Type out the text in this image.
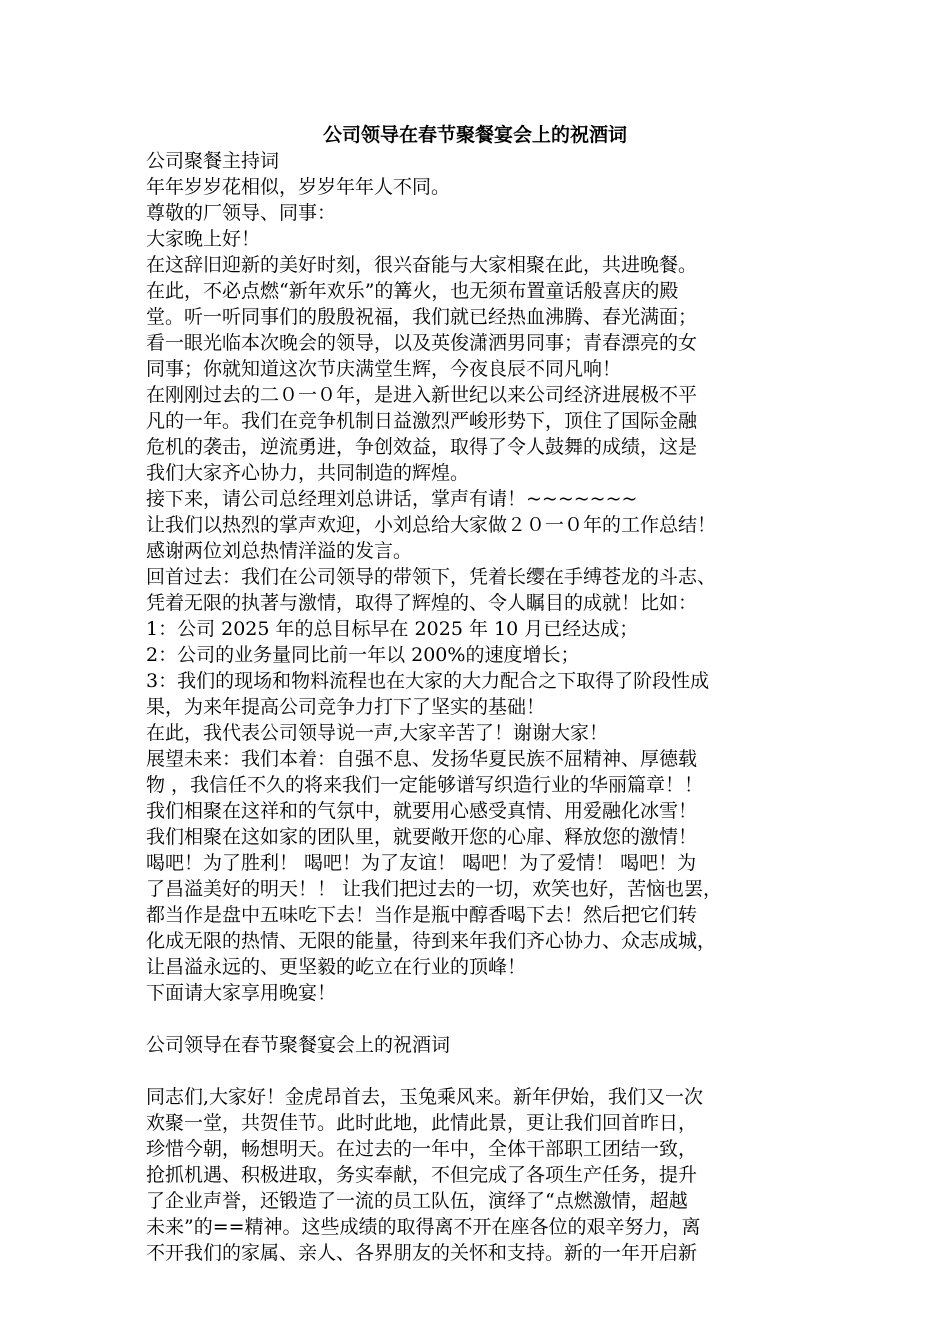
公司领导在春节聚餐宴会上的祝酒词
公司聚餐主持词
年年岁岁花相似，岁岁年年人不同。
尊敬的厂领导、同事：
大家晚上好！
在这辞旧迎新的美好时刻，很兴奋能与大家相聚在此，共进晚餐。
在此，不必点燃“新年欢乐”的篝火，也无须布置童话般喜庆的殿
堂。听一听同事们的殷殷祝福，我们就已经热血沸腾、春光满面；
看一眼光临本次晚会的领导，以及英俊潇洒男同事；青春漂亮的女
同事；你就知道这次节庆满堂生辉，今夜良辰不同凡响！
在刚刚过去的二０一０年，是进入新世纪以来公司经济进展极不平
凡的一年。我们在竞争机制日益激烈严峻形势下，顶住了国际金融
危机的袭击，逆流勇进，争创效益，取得了令人鼓舞的成绩，这是
我们大家齐心协力，共同制造的辉煌。
接下来，请公司总经理刘总讲话，掌声有请！~~~~~~~
让我们以热烈的掌声欢迎，小刘总给大家做２０一０年的工作总结！
感谢两位刘总热情洋溢的发言。
回首过去：我们在公司领导的带领下，凭着长缨在手缚苍龙的斗志、
凭着无限的执著与激情，取得了辉煌的、令人瞩目的成就！比如：
1：公司 2025 年的总目标早在 2025 年 10 月已经达成；
2：公司的业务量同比前一年以 200%的速度增长；
3：我们的现场和物料流程也在大家的大力配合之下取得了阶段性成
果，为来年提高公司竞争力打下了坚实的基础！
在此，我代表公司领导说一声,大家辛苦了！谢谢大家！
展望未来：我们本着：自强不息、发扬华夏民族不屈精神、厚德载
物 ，我信任不久的将来我们一定能够谱写织造行业的华丽篇章！！
我们相聚在这祥和的气氛中，就要用心感受真情、用爱融化冰雪！
我们相聚在这如家的团队里，就要敞开您的心扉、释放您的激情！
喝吧！为了胜利！ 喝吧！为了友谊！ 喝吧！为了爱情！ 喝吧！为
了昌溢美好的明天！！ 让我们把过去的一切，欢笑也好，苦恼也罢，
都当作是盘中五味吃下去！当作是瓶中醇香喝下去！然后把它们转
化成无限的热情、无限的能量，待到来年我们齐心协力、众志成城，
让昌溢永远的、更坚毅的屹立在行业的顶峰！
下面请大家享用晚宴！
公司领导在春节聚餐宴会上的祝酒词
同志们,大家好！金虎昂首去，玉兔乘风来。新年伊始，我们又一次
欢聚一堂，共贺佳节。此时此地，此情此景，更让我们回首昨日，
珍惜今朝，畅想明天。在过去的一年中，全体干部职工团结一致，
抢抓机遇、积极进取，务实奉献，不但完成了各项生产任务，提升
了企业声誉，还锻造了一流的员工队伍，演绎了“点燃激情，超越
未来”的==精神。这些成绩的取得离不开在座各位的艰辛努力，离
不开我们的家属、亲人、各界朋友的关怀和支持。新的一年开启新
